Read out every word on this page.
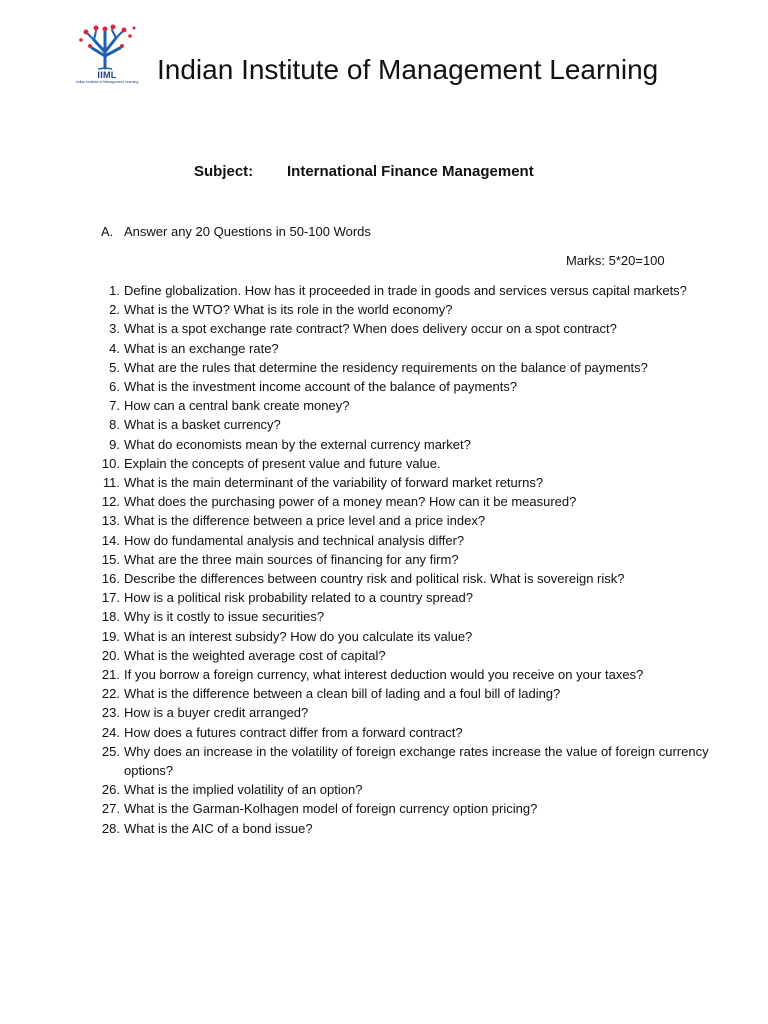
IIML
Indian Institute of Management Learning Indian Institute of Management Learning
Subject: International Finance Management
A. Answer any 20 Questions in 50-100 Words
Marks: 5*20=100
1. Define globalization. How has it proceeded in trade in goods and services versus capital markets?
2. What is the WTO? What is its role in the world economy?
3. What is a spot exchange rate contract? When does delivery occur on a spot contract?
4. What is an exchange rate?
5. What are the rules that determine the residency requirements on the balance of payments?
6. What is the investment income account of the balance of payments?
7. How can a central bank create money?
8. What is a basket currency?
9. What do economists mean by the external currency market?
10. Explain the concepts of present value and future value.
11. What is the main determinant of the variability of forward market returns?
12. What does the purchasing power of a money mean? How can it be measured?
13. What is the difference between a price level and a price index?
14. How do fundamental analysis and technical analysis differ?
15. What are the three main sources of financing for any firm?
16. Describe the differences between country risk and political risk. What is sovereign risk?
17. How is a political risk probability related to a country spread?
18. Why is it costly to issue securities?
19. What is an interest subsidy? How do you calculate its value?
20. What is the weighted average cost of capital?
21. If you borrow a foreign currency, what interest deduction would you receive on your taxes?
22. What is the difference between a clean bill of lading and a foul bill of lading?
23. How is a buyer credit arranged?
24. How does a futures contract differ from a forward contract?
25. Why does an increase in the volatility of foreign exchange rates increase the value of foreign currency options?
26. What is the implied volatility of an option?
27. What is the Garman-Kolhagen model of foreign currency option pricing?
28. What is the AIC of a bond issue?
